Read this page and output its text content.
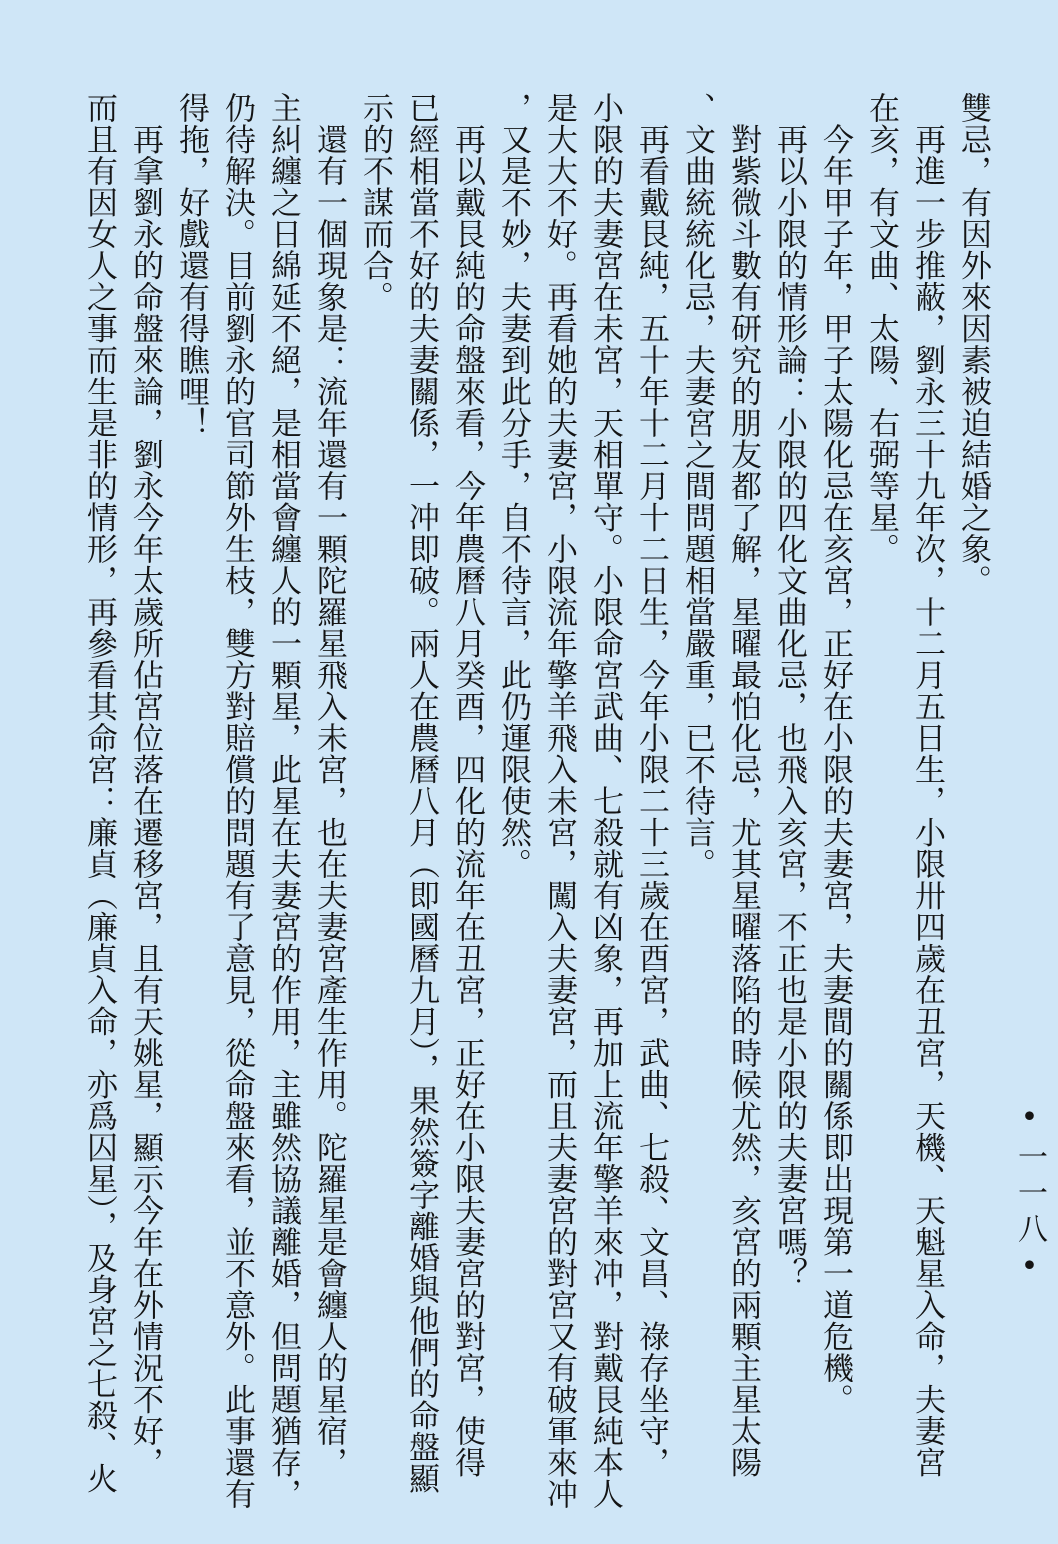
雙忌，有因外來因素被迫結婚之象。
　再進一步推蔽，劉永三十九年次，十二月五日生，小限卅四歲在丑宮，天機、天魁星入命，夫妻宮
在亥，有文曲、太陽、右弼等星。
　今年甲子年，甲子太陽化忌在亥宮，正好在小限的夫妻宮，夫妻間的關係即出現第一道危機。
　再以小限的情形論：小限的四化文曲化忌，也飛入亥宮，不正也是小限的夫妻宮嗎？
　對紫微斗數有研究的朋友都了解，星曜最怕化忌，尤其星曜落陷的時候尤然，亥宮的兩顆主星太陽
、文曲統統化忌，夫妻宮之間問題相當嚴重，已不待言。
　再看戴艮純，五十年十二月十二日生，今年小限二十三歲在酉宮，武曲、七殺、文昌、祿存坐守，
小限的夫妻宮在未宮，天相單守。小限命宮武曲、七殺就有凶象，再加上流年擎羊來冲，對戴艮純本人
是大大不好。再看她的夫妻宮，小限流年擎羊飛入未宮，闖入夫妻宮，而且夫妻宮的對宮又有破軍來冲
，又是不妙，夫妻到此分手，自不待言，此仍運限使然。
　再以戴艮純的命盤來看，今年農曆八月癸酉，四化的流年在丑宮，正好在小限夫妻宮的對宮，使得
已經相當不好的夫妻關係，一冲即破。兩人在農曆八月（即國曆九月），果然簽字離婚與他們的命盤顯
示的不謀而合。
　還有一個現象是：流年還有一顆陀羅星飛入未宮，也在夫妻宮產生作用。陀羅星是會纏人的星宿，
主糾纏之日綿延不絕，是相當會纏人的一顆星，此星在夫妻宮的作用，主雖然協議離婚，但問題猶存，
仍待解決。目前劉永的官司節外生枝，雙方對賠償的問題有了意見，從命盤來看，並不意外。此事還有
得拖，好戲還有得瞧哩！
　再拿劉永的命盤來論，劉永今年太歲所佔宮位落在遷移宮，且有天姚星，顯示今年在外情況不好，
而且有因女人之事而生是非的情形，再參看其命宮：廉貞（廉貞入命，亦爲囚星），及身宮之七殺、火	•一一八•
